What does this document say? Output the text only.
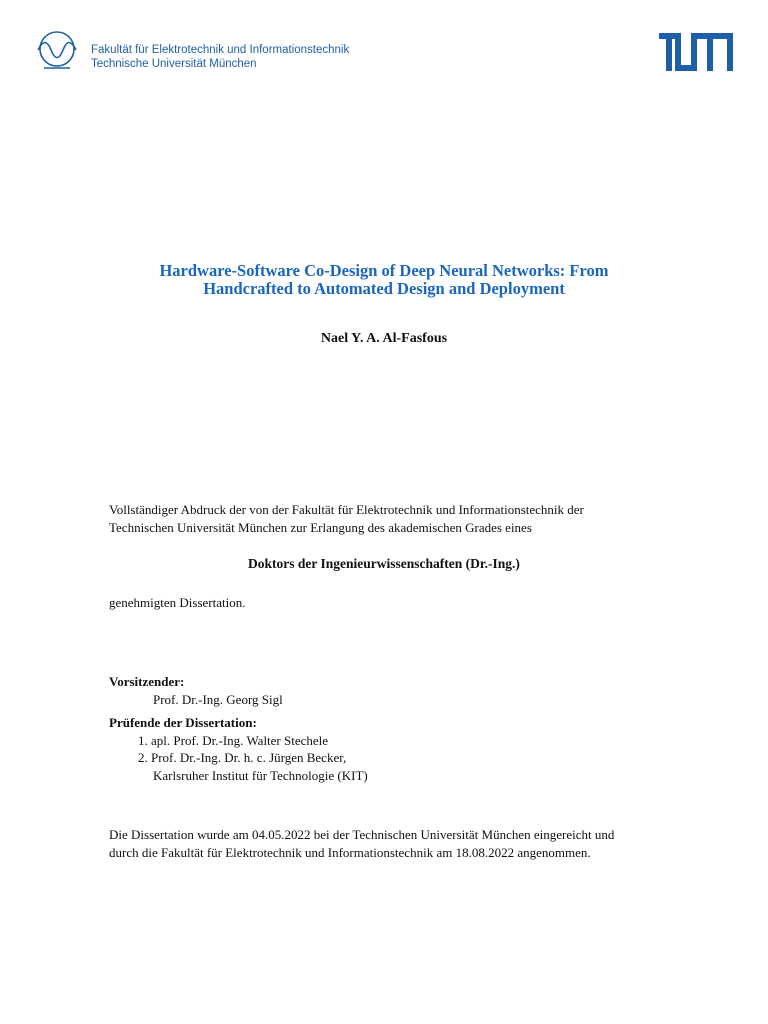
Fakultät für Elektrotechnik und Informationstechnik
Technische Universität München
Hardware-Software Co-Design of Deep Neural Networks: From
Handcrafted to Automated Design and Deployment
Nael Y. A. Al-Fasfous
Vollständiger Abdruck der von der Fakultät für Elektrotechnik und Informationstechnik der
Technischen Universität München zur Erlangung des akademischen Grades eines
Doktors der Ingenieurwissenschaften (Dr.-Ing.)
genehmigten Dissertation.
Vorsitzender:
Prof. Dr.-Ing. Georg Sigl
Prüfende der Dissertation:
1. apl. Prof. Dr.-Ing. Walter Stechele
2. Prof. Dr.-Ing. Dr. h. c. Jürgen Becker,
Karlsruher Institut für Technologie (KIT)
Die Dissertation wurde am 04.05.2022 bei der Technischen Universität München eingereicht und
durch die Fakultät für Elektrotechnik und Informationstechnik am 18.08.2022 angenommen.
